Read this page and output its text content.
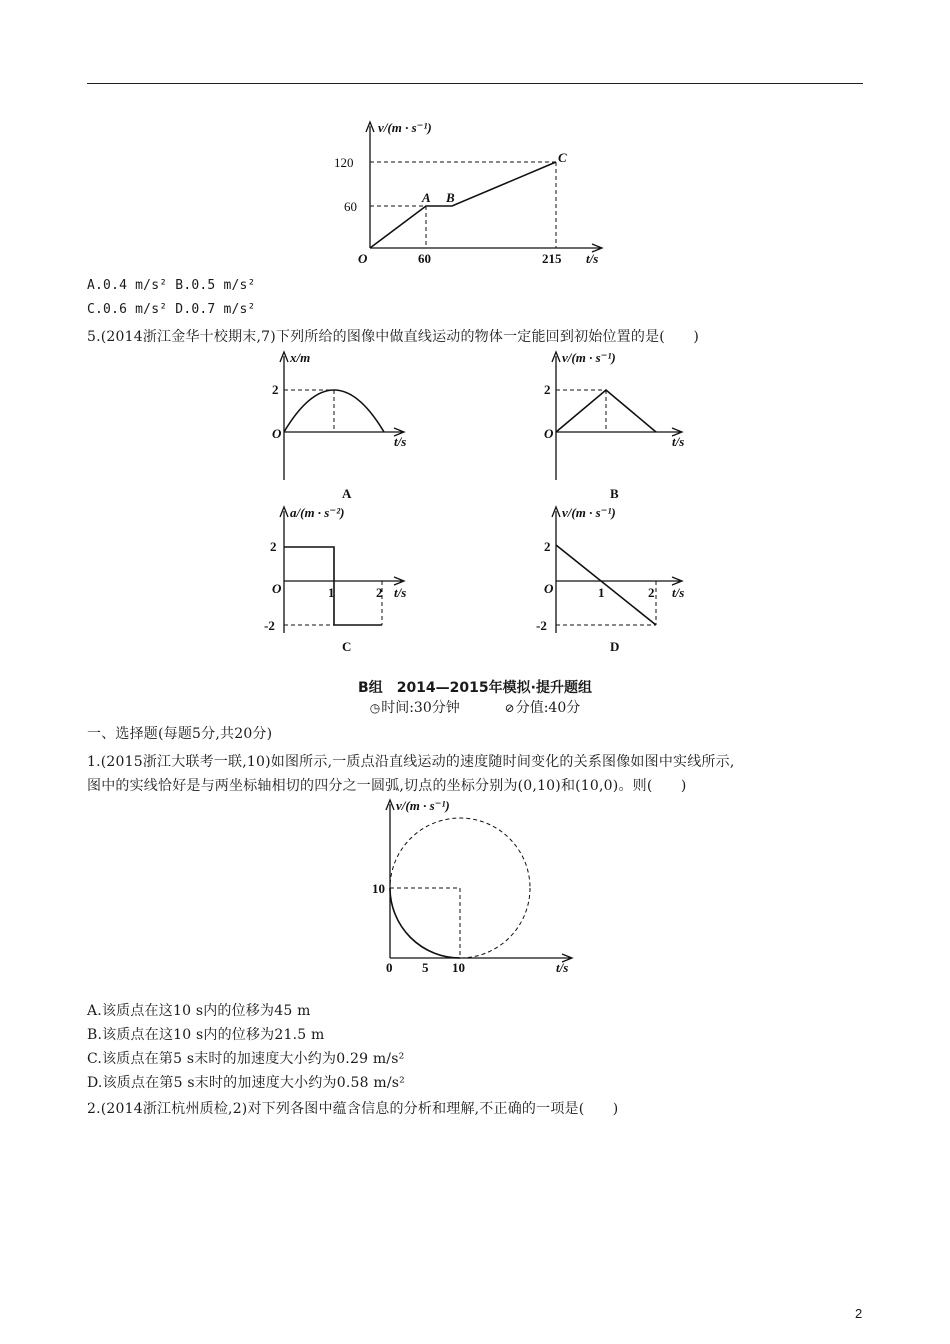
v/(m · s⁻¹)
t/s
120
60
O	60	215
A B
C
A.0.4 m/s² B.0.5 m/s²
C.0.6 m/s² D.0.7 m/s²
5.(2014浙江金华十校期末,7)下列所给的图像中做直线运动的物体一定能回到初始位置的是(　　)
x/m
t/s
2
O
A
v/(m · s⁻¹)
t/s
2
O
B
a/(m · s⁻²)
t/s
2
-2
O	1	2
C
v/(m · s⁻¹)
t/s
2
-2
O	1	2
D
B组　2014—2015年模拟·提升题组
◷时间:30分钟	⊘分值:40分
一、选择题(每题5分,共20分)
1.(2015浙江大联考一联,10)如图所示,一质点沿直线运动的速度随时间变化的关系图像如图中实线所示,
图中的实线恰好是与两坐标轴相切的四分之一圆弧,切点的坐标分别为(0,10)和(10,0)。则(　　)
v/(m · s⁻¹)
t/s
10
0 5 10
A.该质点在这10 s内的位移为45 m
B.该质点在这10 s内的位移为21.5 m
C.该质点在第5 s末时的加速度大小约为0.29 m/s²
D.该质点在第5 s末时的加速度大小约为0.58 m/s²
2.(2014浙江杭州质检,2)对下列各图中蕴含信息的分析和理解,不正确的一项是(　　)
2
